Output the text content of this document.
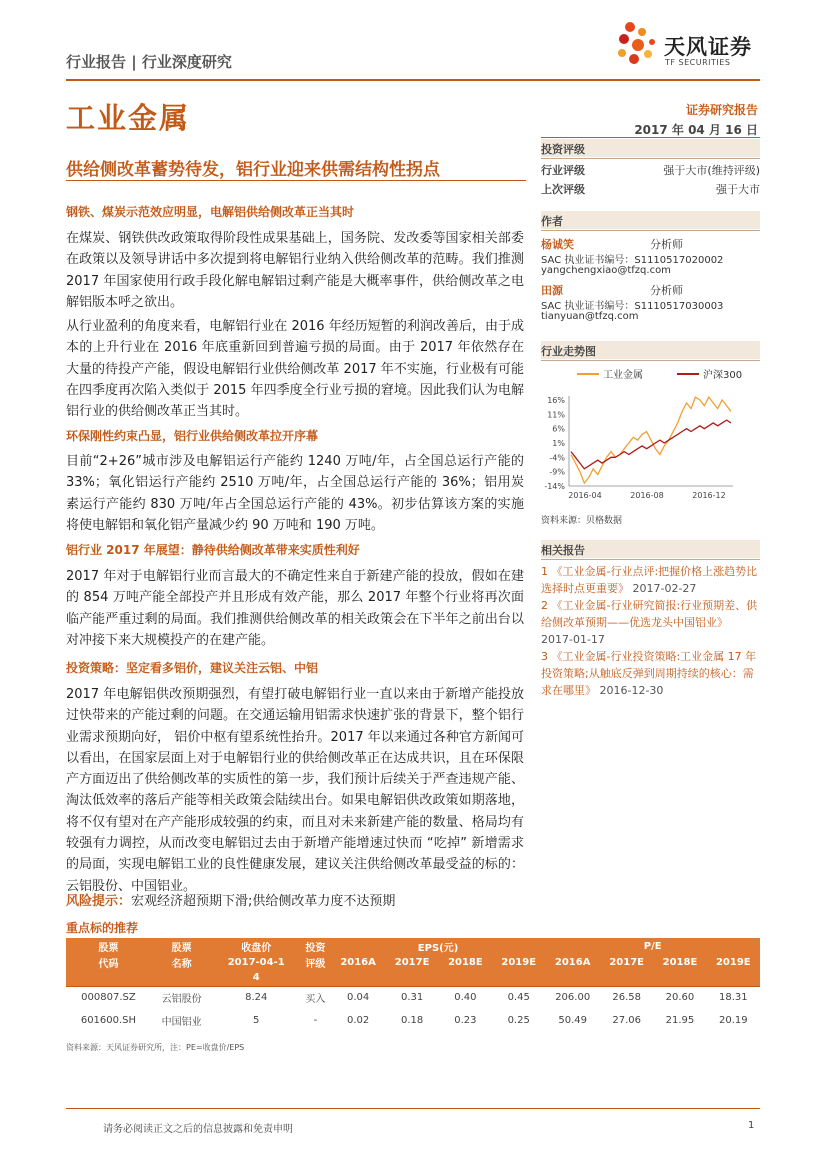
行业报告 | 行业深度研究
天风证券
TF SECURITIES
工业金属	证券研究报告
2017 年 04 月 16 日
供给侧改革蓄势待发，铝行业迎来供需结构性拐点
钢铁、煤炭示范效应明显，电解铝供给侧改革正当其时
在煤炭、钢铁供改政策取得阶段性成果基础上，国务院、发改委等国家相关部委在政策以及领导讲话中多次提到将电解铝行业纳入供给侧改革的范畴。我们推测 2017 年国家使用行政手段化解电解铝过剩产能是大概率事件，供给侧改革之电解铝版本呼之欲出。
从行业盈利的角度来看，电解铝行业在 2016 年经历短暂的利润改善后，由于成本的上升行业在 2016 年底重新回到普遍亏损的局面。由于 2017 年依然存在大量的待投产产能，假设电解铝行业供给侧改革 2017 年不实施，行业极有可能在四季度再次陷入类似于 2015 年四季度全行业亏损的窘境。因此我们认为电解铝行业的供给侧改革正当其时。
环保刚性约束凸显，铝行业供给侧改革拉开序幕
目前“2+26”城市涉及电解铝运行产能约 1240 万吨/年，占全国总运行产能的 33%；氧化铝运行产能约 2510 万吨/年，占全国总运行产能的 36%；铝用炭素运行产能约 830 万吨/年占全国总运行产能的 43%。初步估算该方案的实施将使电解铝和氧化铝产量减少约 90 万吨和 190 万吨。
铝行业 2017 年展望：静待供给侧改革带来实质性利好
2017 年对于电解铝行业而言最大的不确定性来自于新建产能的投放，假如在建的 854 万吨产能全部投产并且形成有效产能，那么 2017 年整个行业将再次面临产能严重过剩的局面。我们推测供给侧改革的相关政策会在下半年之前出台以对冲接下来大规模投产的在建产能。
投资策略：坚定看多铝价，建议关注云铝、中铝
2017 年电解铝供改预期强烈，有望打破电解铝行业一直以来由于新增产能投放过快带来的产能过剩的问题。在交通运输用铝需求快速扩张的背景下，整个铝行业需求预期向好， 铝价中枢有望系统性抬升。2017 年以来通过各种官方新闻可以看出，在国家层面上对于电解铝行业的供给侧改革正在达成共识，且在环保限产方面迈出了供给侧改革的实质性的第一步，我们预计后续关于严查违规产能、淘汰低效率的落后产能等相关政策会陆续出台。如果电解铝供改政策如期落地，将不仅有望对在产产能形成较强的约束，而且对未来新建产能的数量、格局均有较强有力调控，从而改变电解铝过去由于新增产能增速过快而 “吃掉” 新增需求的局面，实现电解铝工业的良性健康发展，建议关注供给侧改革最受益的标的：云铝股份、中国铝业。
风险提示：宏观经济超预期下滑;供给侧改革力度不达预期
投资评级
行业评级	强于大市(维持评级)
上次评级	强于大市
作者
杨诚笑	分析师
SAC 执业证书编号：S1110517020002
yangchengxiao@tfzq.com
田源	分析师
SAC 执业证书编号：S1110517030003
tianyuan@tfzq.com
行业走势图
工业金属	沪深300
16%
11%
6%
1%
-4%
-9%
-14%
2016-04	2016-08	2016-12
资料来源：贝格数据
相关报告
1 《工业金属-行业点评:把握价格上涨趋势比选择时点更重要》 2017-02-27
2 《工业金属-行业研究简报:行业预期差、供给侧改革预期——优选龙头中国铝业》 2017-01-17
3 《工业金属-行业投资策略:工业金属 17 年投资策略;从触底反弹到周期持续的核心：需求在哪里》 2016-12-30
重点标的推荐
股票	股票	收盘价	投资	EPS(元)				P/E			
代码	名称	2017-04-1	评级	2016A	2017E	2018E	2019E	2016A	2017E	2018E	2019E
		4									
000807.SZ	云铝股份	8.24	买入	0.04	0.31	0.40	0.45	206.00	26.58	20.60	18.31
601600.SH	中国铝业	5	-	0.02	0.18	0.23	0.25	50.49	27.06	21.95	20.19
资料来源：天风证券研究所，注：PE=收盘价/EPS
请务必阅读正文之后的信息披露和免责申明	1
